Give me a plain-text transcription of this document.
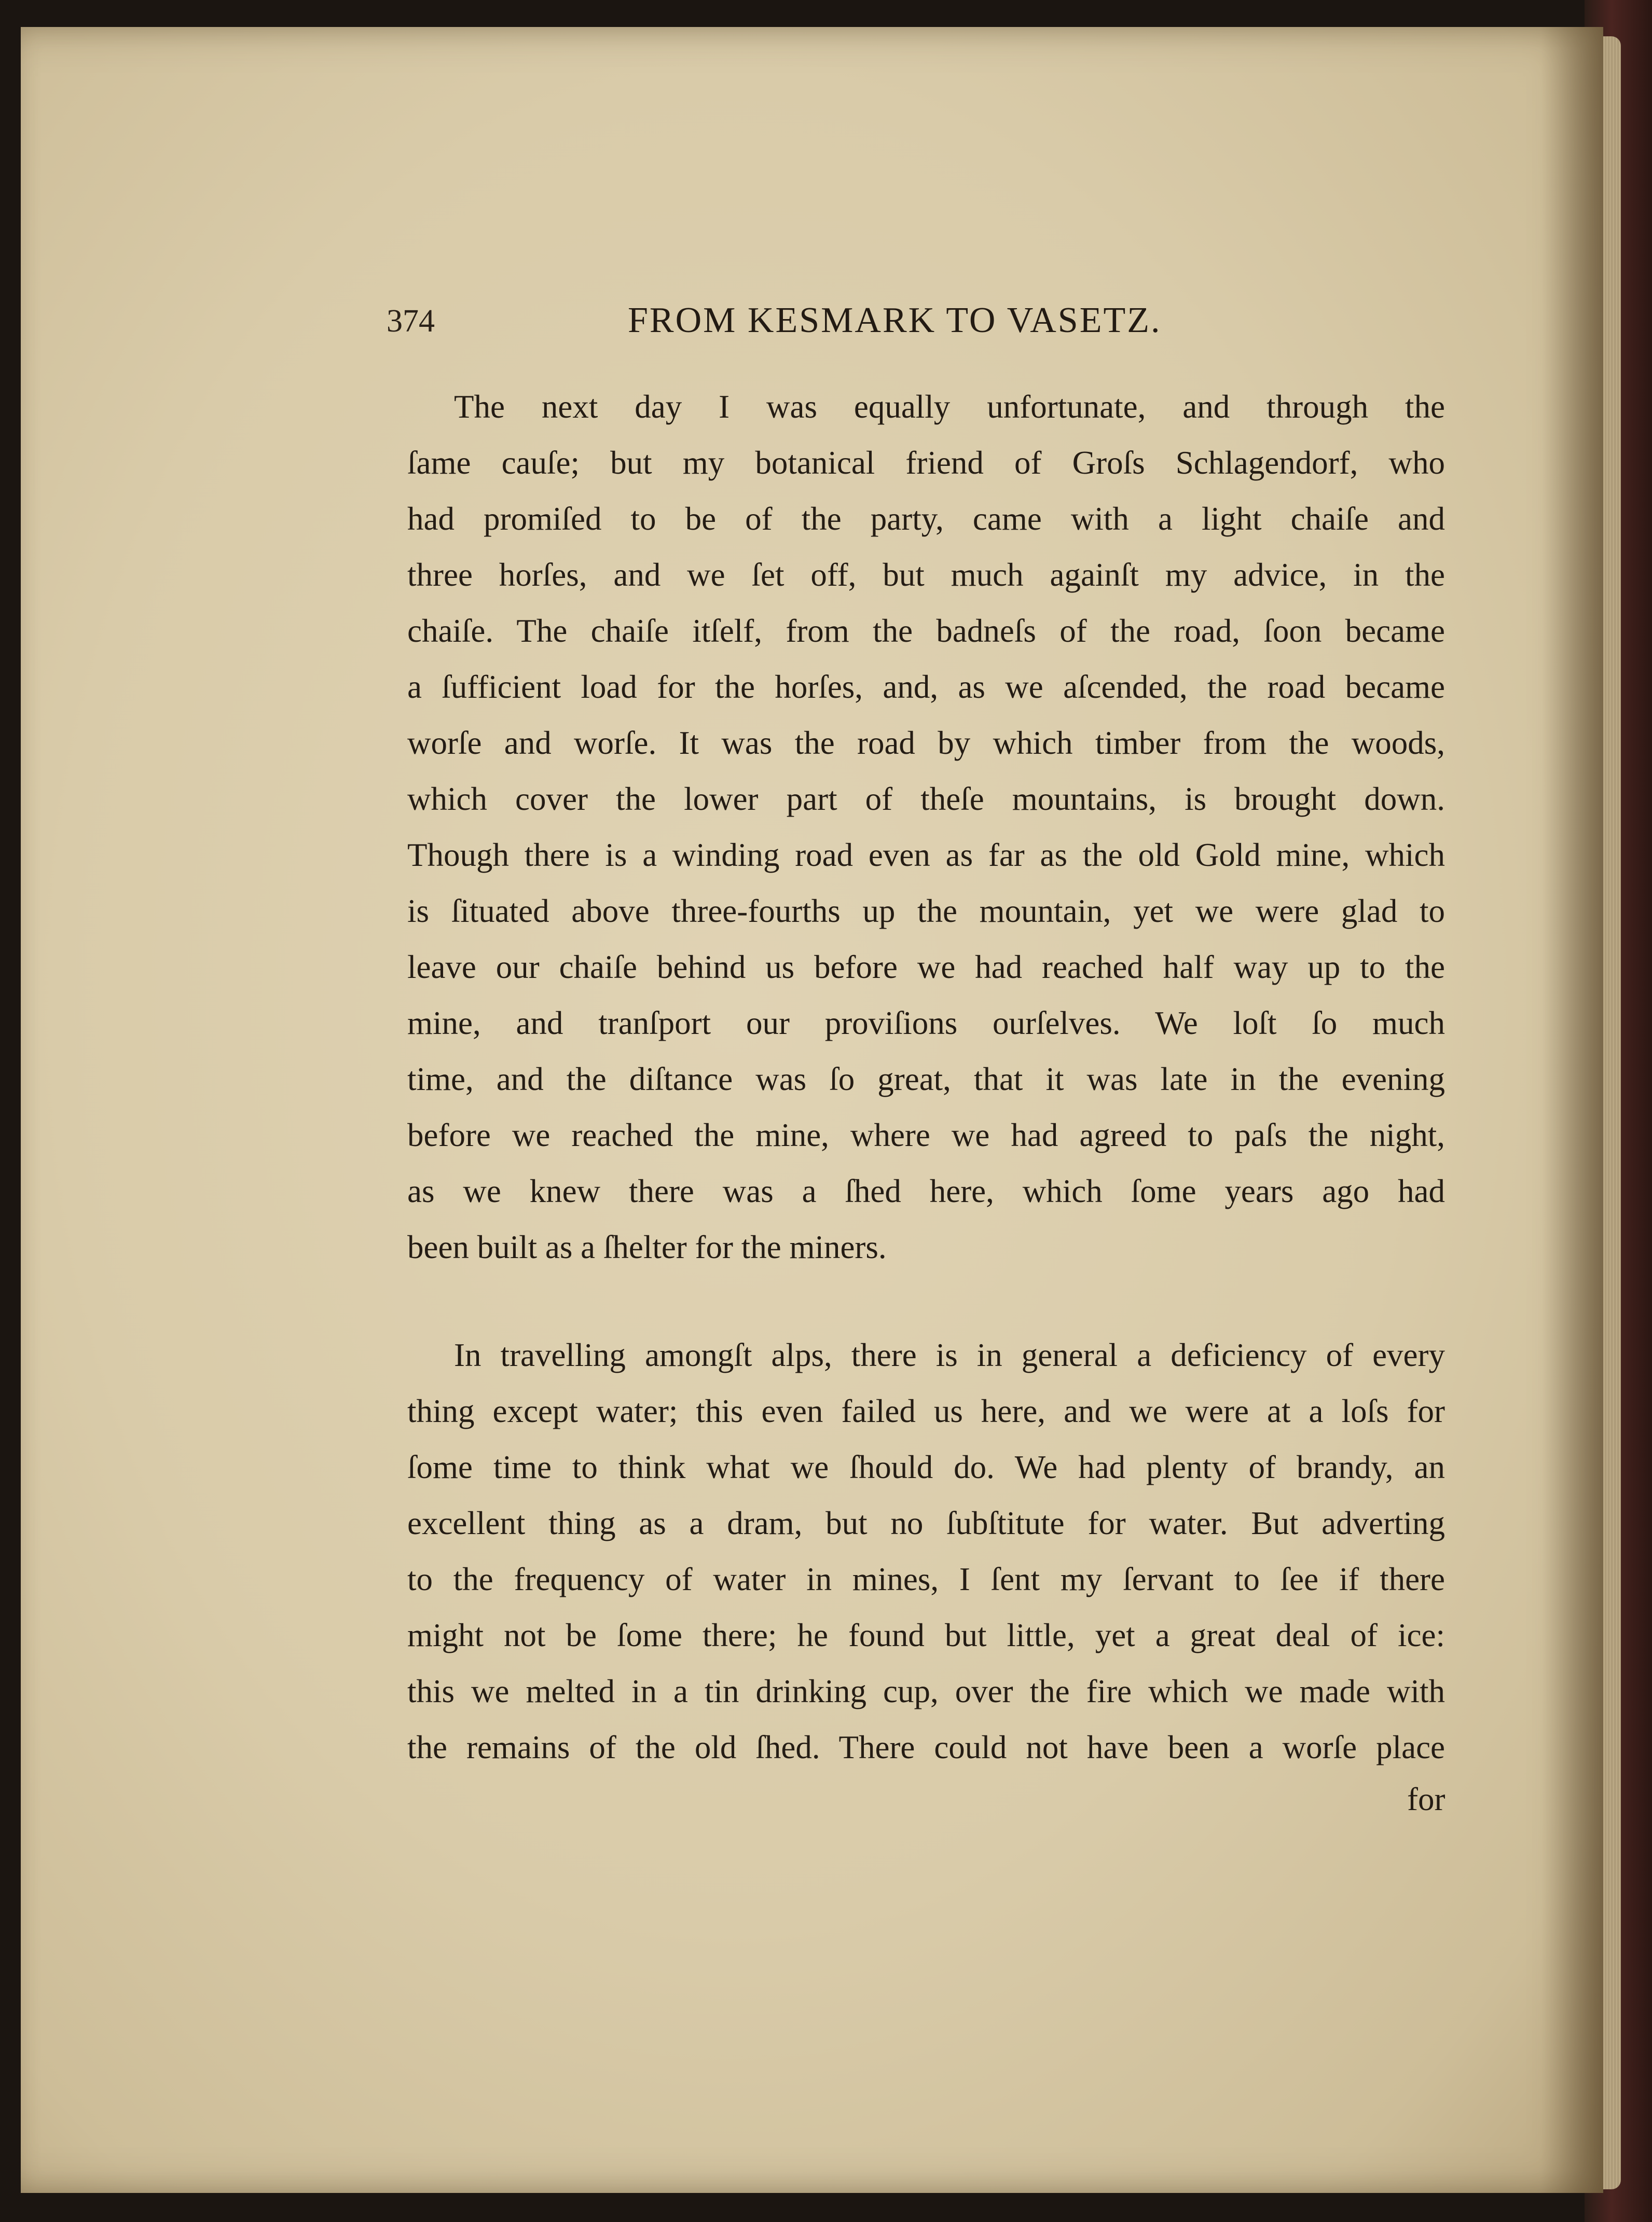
374	FROM KESMARK TO VASETZ.

The next day I was equally unfortunate, and through the
ſame cauſe; but my botanical friend of Groſs Schlagendorf, who
had promiſed to be of the party, came with a light chaiſe and
three horſes, and we ſet off, but much againſt my advice, in the
chaiſe. The chaiſe itſelf, from the badneſs of the road, ſoon became
a ſufficient load for the horſes, and, as we aſcended, the road became
worſe and worſe. It was the road by which timber from the woods,
which cover the lower part of theſe mountains, is brought down.
Though there is a winding road even as far as the old Gold mine, which
is ſituated above three-fourths up the mountain, yet we were glad to
leave our chaiſe behind us before we had reached half way up to the
mine, and tranſport our proviſions ourſelves. We loſt ſo much
time, and the diſtance was ſo great, that it was late in the evening
before we reached the mine, where we had agreed to paſs the night,
as we knew there was a ſhed here, which ſome years ago had
been built as a ſhelter for the miners.

In travelling amongſt alps, there is in general a deficiency of every
thing except water; this even failed us here, and we were at a loſs for
ſome time to think what we ſhould do. We had plenty of brandy, an
excellent thing as a dram, but no ſubſtitute for water. But adverting
to the frequency of water in mines, I ſent my ſervant to ſee if there
might not be ſome there; he found but little, yet a great deal of ice:
this we melted in a tin drinking cup, over the fire which we made with
the remains of the old ſhed. There could not have been a worſe place

for
